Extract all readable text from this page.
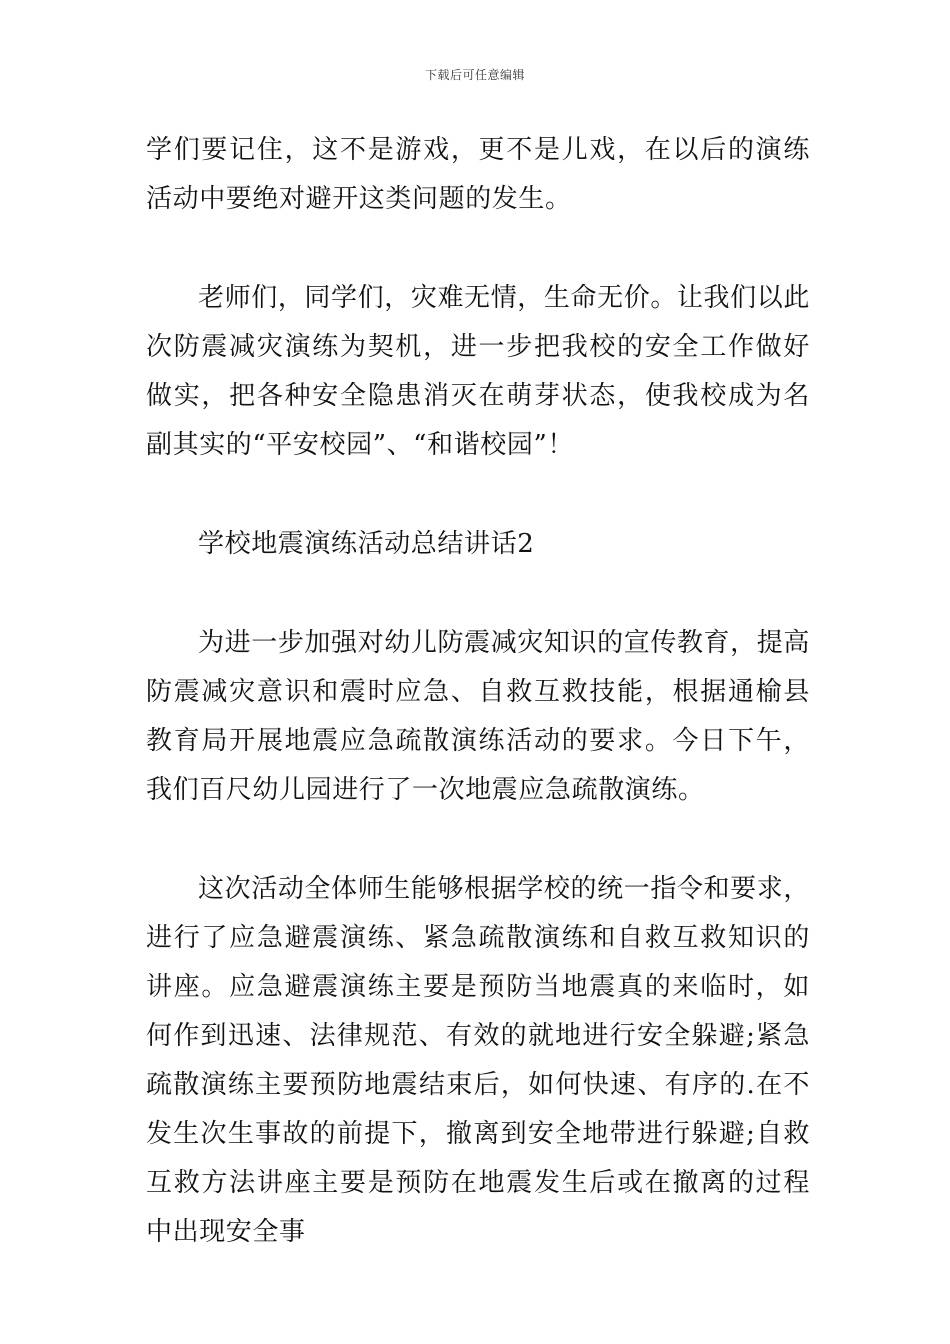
下载后可任意编辑

学们要记住，这不是游戏，更不是儿戏，在以后的演练活动中要绝对避开这类问题的发生。

老师们，同学们，灾难无情，生命无价。让我们以此次防震减灾演练为契机，进一步把我校的安全工作做好做实，把各种安全隐患消灭在萌芽状态，使我校成为名副其实的“平安校园”、“和谐校园”！

学校地震演练活动总结讲话2

为进一步加强对幼儿防震减灾知识的宣传教育，提高防震减灾意识和震时应急、自救互救技能，根据通榆县教育局开展地震应急疏散演练活动的要求。今日下午，我们百尺幼儿园进行了一次地震应急疏散演练。

这次活动全体师生能够根据学校的统一指令和要求，进行了应急避震演练、紧急疏散演练和自救互救知识的讲座。应急避震演练主要是预防当地震真的来临时，如何作到迅速、法律规范、有效的就地进行安全躲避;紧急疏散演练主要预防地震结束后，如何快速、有序的.在不发生次生事故的前提下，撤离到安全地带进行躲避;自救互救方法讲座主要是预防在地震发生后或在撤离的过程中出现安全事
